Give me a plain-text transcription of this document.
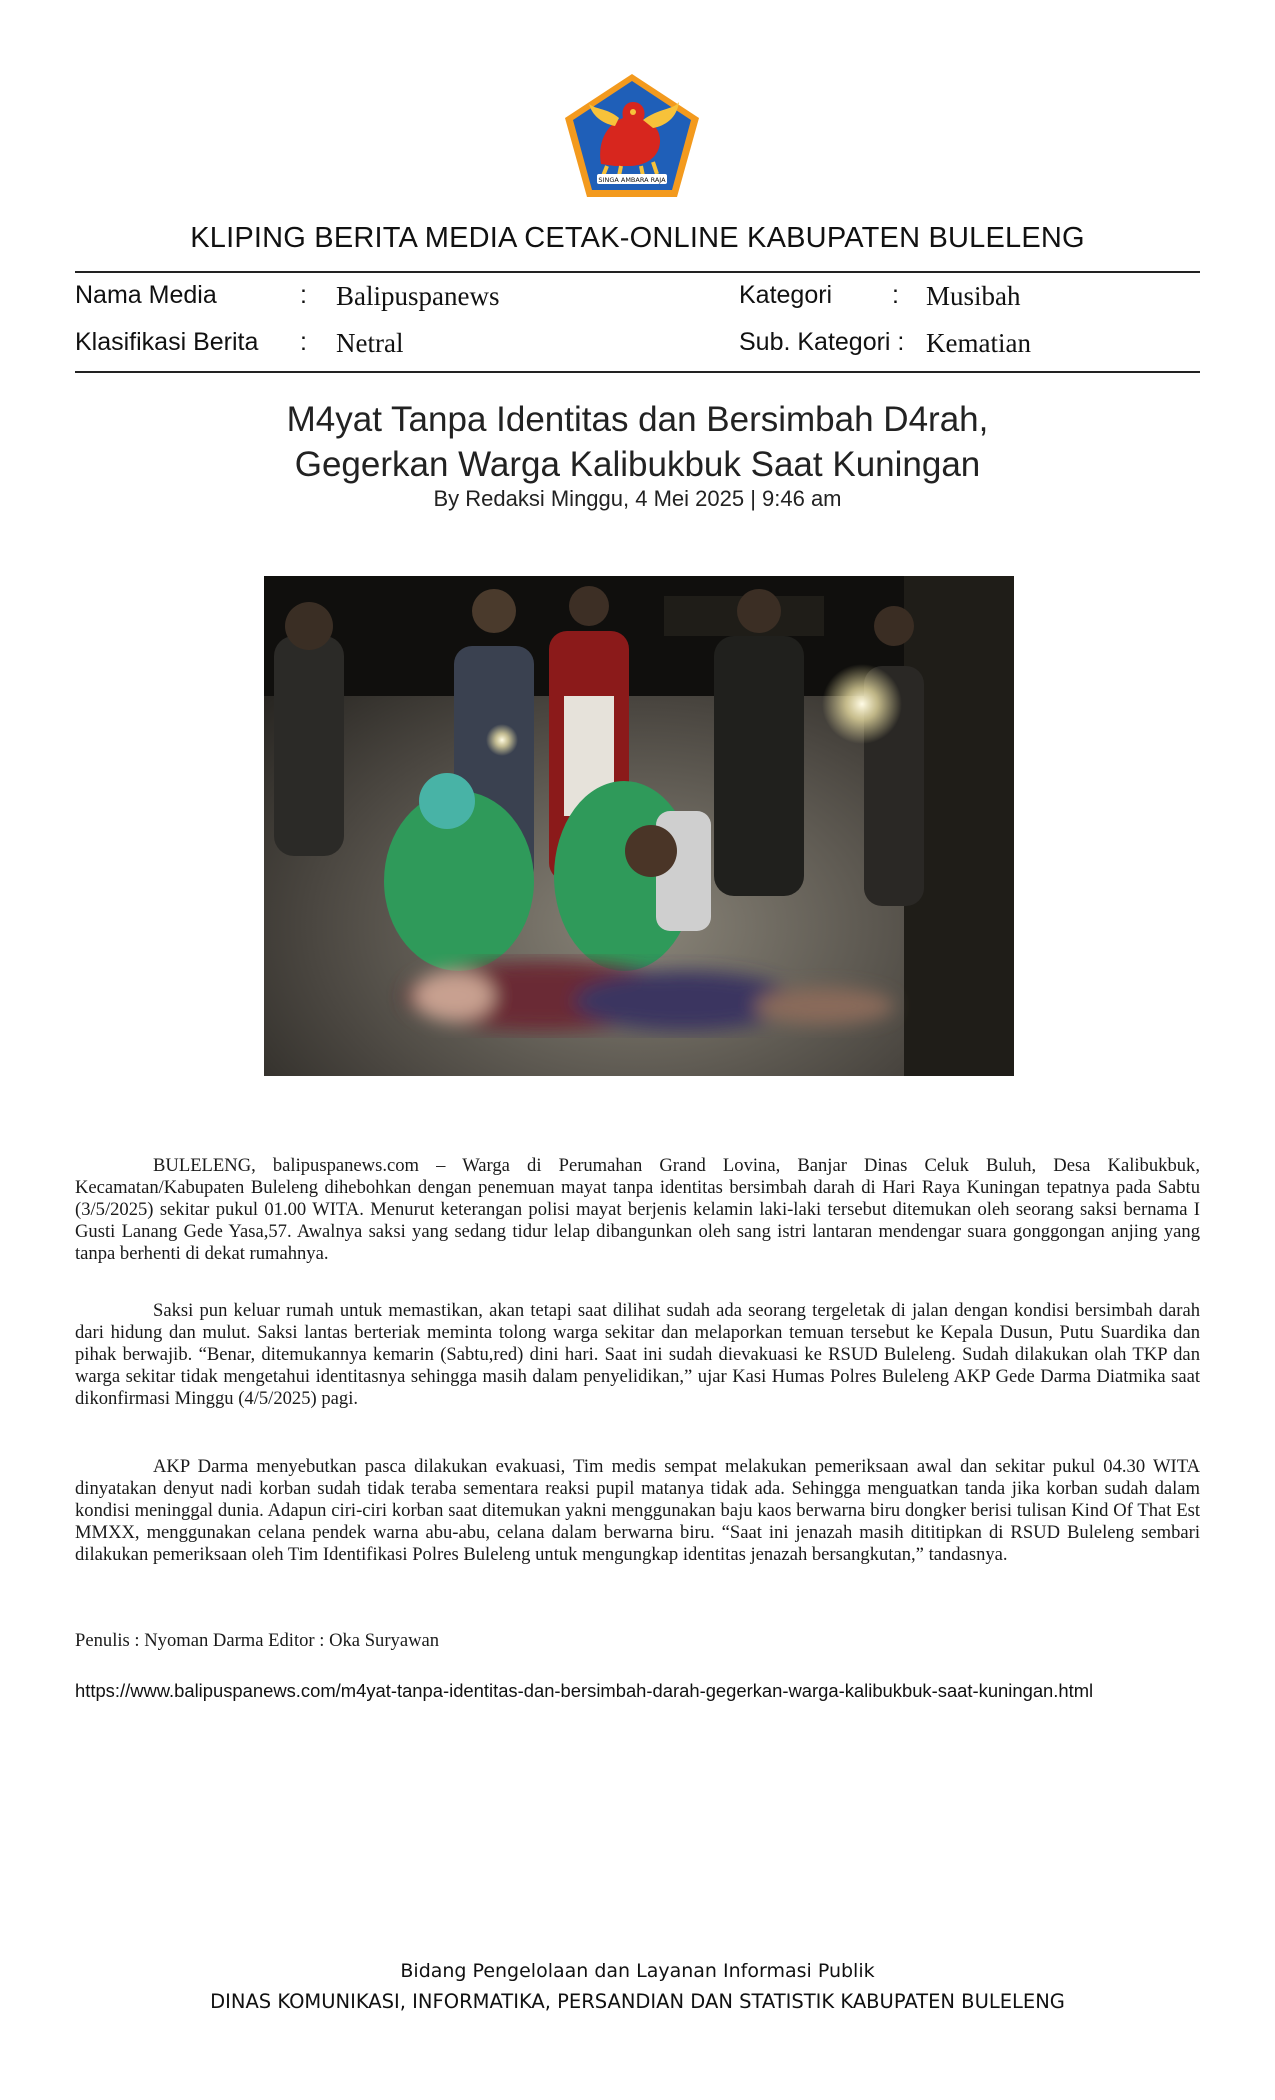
SINGA AMBARA RAJA
KLIPING BERITA MEDIA CETAK-ONLINE KABUPATEN BULELENG
Nama Media	: Balipuspanews	Kategori : Musibah
Klasifikasi Berita : Netral	Sub. Kategori : Kematian
M4yat Tanpa Identitas dan Bersimbah D4rah,
Gegerkan Warga Kalibukbuk Saat Kuningan
By Redaksi Minggu, 4 Mei 2025 | 9:46 am

BULELENG, balipuspanews.com – Warga di Perumahan Grand Lovina, Banjar Dinas Celuk Buluh, Desa Kalibukbuk, Kecamatan/Kabupaten Buleleng dihebohkan dengan penemuan mayat tanpa identitas bersimbah darah di Hari Raya Kuningan tepatnya pada Sabtu (3/5/2025) sekitar pukul 01.00 WITA. Menurut keterangan polisi mayat berjenis kelamin laki-laki tersebut ditemukan oleh seorang saksi bernama I Gusti Lanang Gede Yasa,57. Awalnya saksi yang sedang tidur lelap dibangunkan oleh sang istri lantaran mendengar suara gonggongan anjing yang tanpa berhenti di dekat rumahnya.

Saksi pun keluar rumah untuk memastikan, akan tetapi saat dilihat sudah ada seorang tergeletak di jalan dengan kondisi bersimbah darah dari hidung dan mulut. Saksi lantas berteriak meminta tolong warga sekitar dan melaporkan temuan tersebut ke Kepala Dusun, Putu Suardika dan pihak berwajib. “Benar, ditemukannya kemarin (Sabtu,red) dini hari. Saat ini sudah dievakuasi ke RSUD Buleleng. Sudah dilakukan olah TKP dan warga sekitar tidak mengetahui identitasnya sehingga masih dalam penyelidikan,” ujar Kasi Humas Polres Buleleng AKP Gede Darma Diatmika saat dikonfirmasi Minggu (4/5/2025) pagi.

AKP Darma menyebutkan pasca dilakukan evakuasi, Tim medis sempat melakukan pemeriksaan awal dan sekitar pukul 04.30 WITA dinyatakan denyut nadi korban sudah tidak teraba sementara reaksi pupil matanya tidak ada. Sehingga menguatkan tanda jika korban sudah dalam kondisi meninggal dunia. Adapun ciri-ciri korban saat ditemukan yakni menggunakan baju kaos berwarna biru dongker berisi tulisan Kind Of That Est MMXX, menggunakan celana pendek warna abu-abu, celana dalam berwarna biru. “Saat ini jenazah masih dititipkan di RSUD Buleleng sembari dilakukan pemeriksaan oleh Tim Identifikasi Polres Buleleng untuk mengungkap identitas jenazah bersangkutan,” tandasnya.

Penulis : Nyoman Darma Editor : Oka Suryawan
https://www.balipuspanews.com/m4yat-tanpa-identitas-dan-bersimbah-darah-gegerkan-warga-kalibukbuk-saat-kuningan.html
Bidang Pengelolaan dan Layanan Informasi Publik
DINAS KOMUNIKASI, INFORMATIKA, PERSANDIAN DAN STATISTIK KABUPATEN BULELENG
